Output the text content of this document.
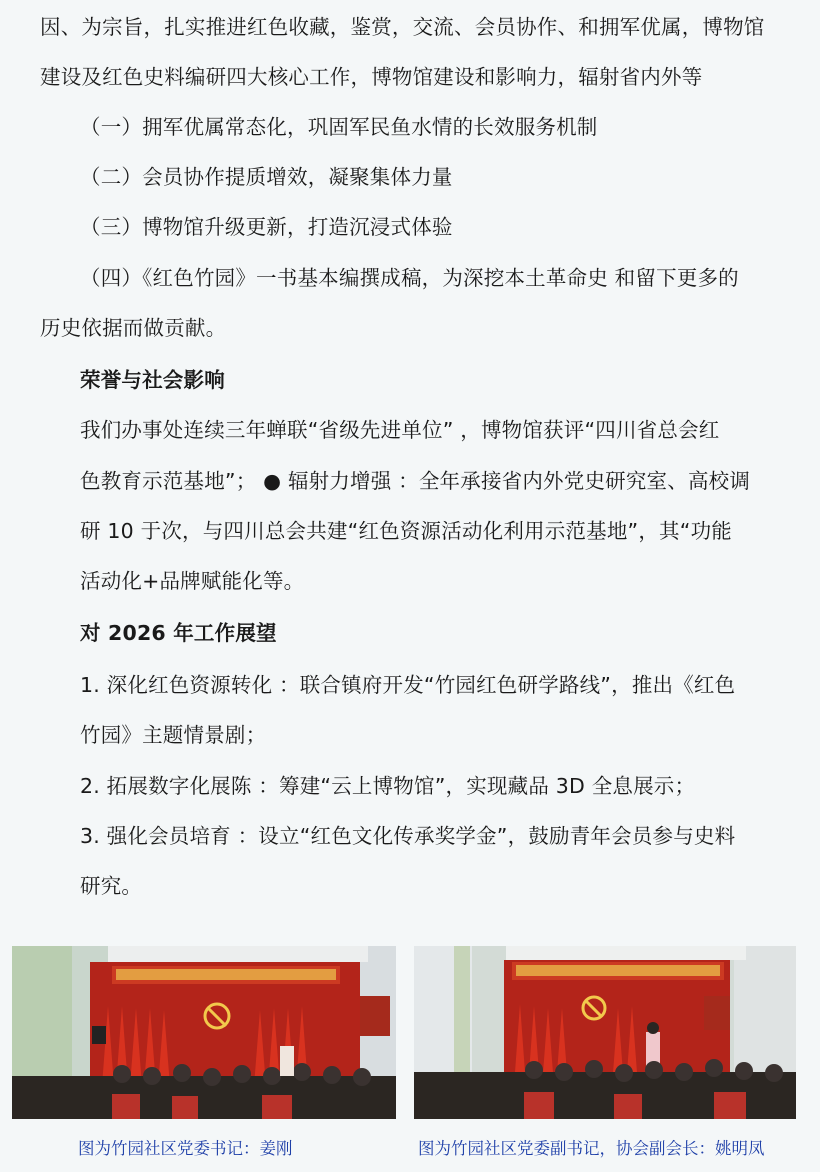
因、为宗旨，扎实推进红色收藏，鉴赏，交流、会员协作、和拥军优属，博物馆
建设及红色史料编研四大核心工作，博物馆建设和影响力，辐射省内外等
（一）拥军优属常态化，巩固军民鱼水情的长效服务机制
（二）会员协作提质增效，凝聚集体力量
（三）博物馆升级更新，打造沉浸式体验
（四）《红色竹园》一书基本编撰成稿，为深挖本土革命史 和留下更多的
历史依据而做贡献。
荣誉与社会影响
我们办事处连续三年蝉联“省级先进单位” ，博物馆获评“四川省总会红
色教育示范基地”； ● 辐射力增强 ：全年承接省内外党史研究室、高校调
研 10 于次，与四川总会共建“红色资源活动化利用示范基地”，其“功能
活动化+品牌赋能化等。
对 2026 年工作展望
1. 深化红色资源转化 ：联合镇府开发“竹园红色研学路线”，推出《红色
竹园》主题情景剧；
2. 拓展数字化展陈 ：筹建“云上博物馆”，实现藏品 3D 全息展示；
3. 强化会员培育 ：设立“红色文化传承奖学金”，鼓励青年会员参与史料
研究。
图为竹园社区党委书记：姜刚	图为竹园社区党委副书记，协会副会长：姚明凤
